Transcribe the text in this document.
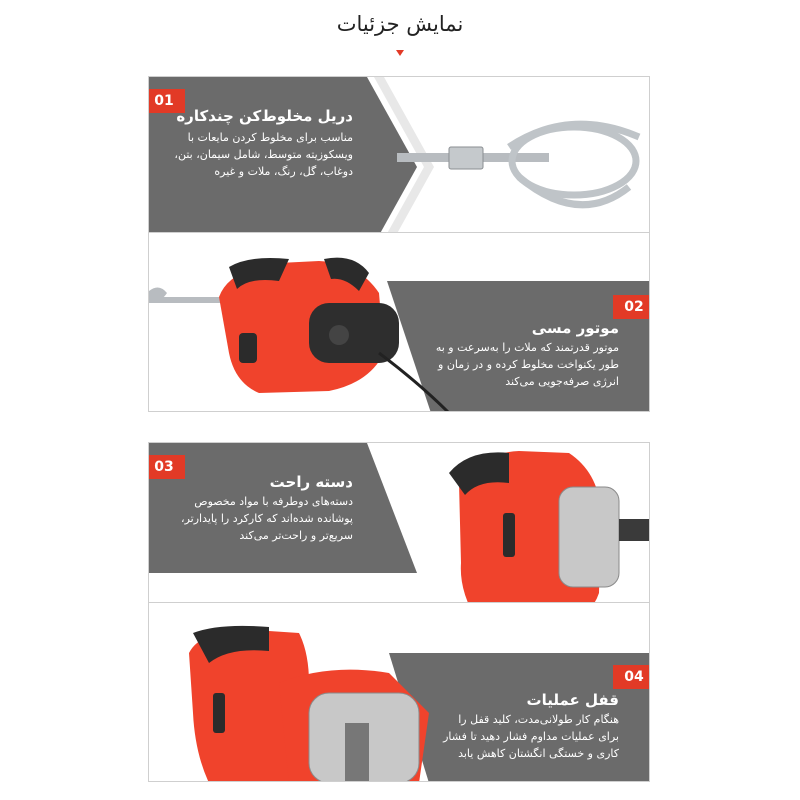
نمایش جزئیات
01
دریل مخلوط‌کن چندکاره
مناسب برای مخلوط کردن مایعات با
ویسکوزیته متوسط، شامل سیمان، بتن،
دوغاب، گل، رنگ، ملات و غیره
02
موتور مسی
موتور قدرتمند که ملات را به‌سرعت و به
طور یکنواخت مخلوط کرده و در زمان و
انرژی صرفه‌جویی می‌کند
03
دسته راحت
دسته‌های دوطرفه با مواد مخصوص
پوشانده شده‌اند که کارکرد را پایدارتر،
سریع‌تر و راحت‌تر می‌کند
04
قفل عملیات
هنگام کار طولانی‌مدت، کلید قفل را
برای عملیات مداوم فشار دهید تا فشار
کاری و خستگی انگشتان کاهش یابد
